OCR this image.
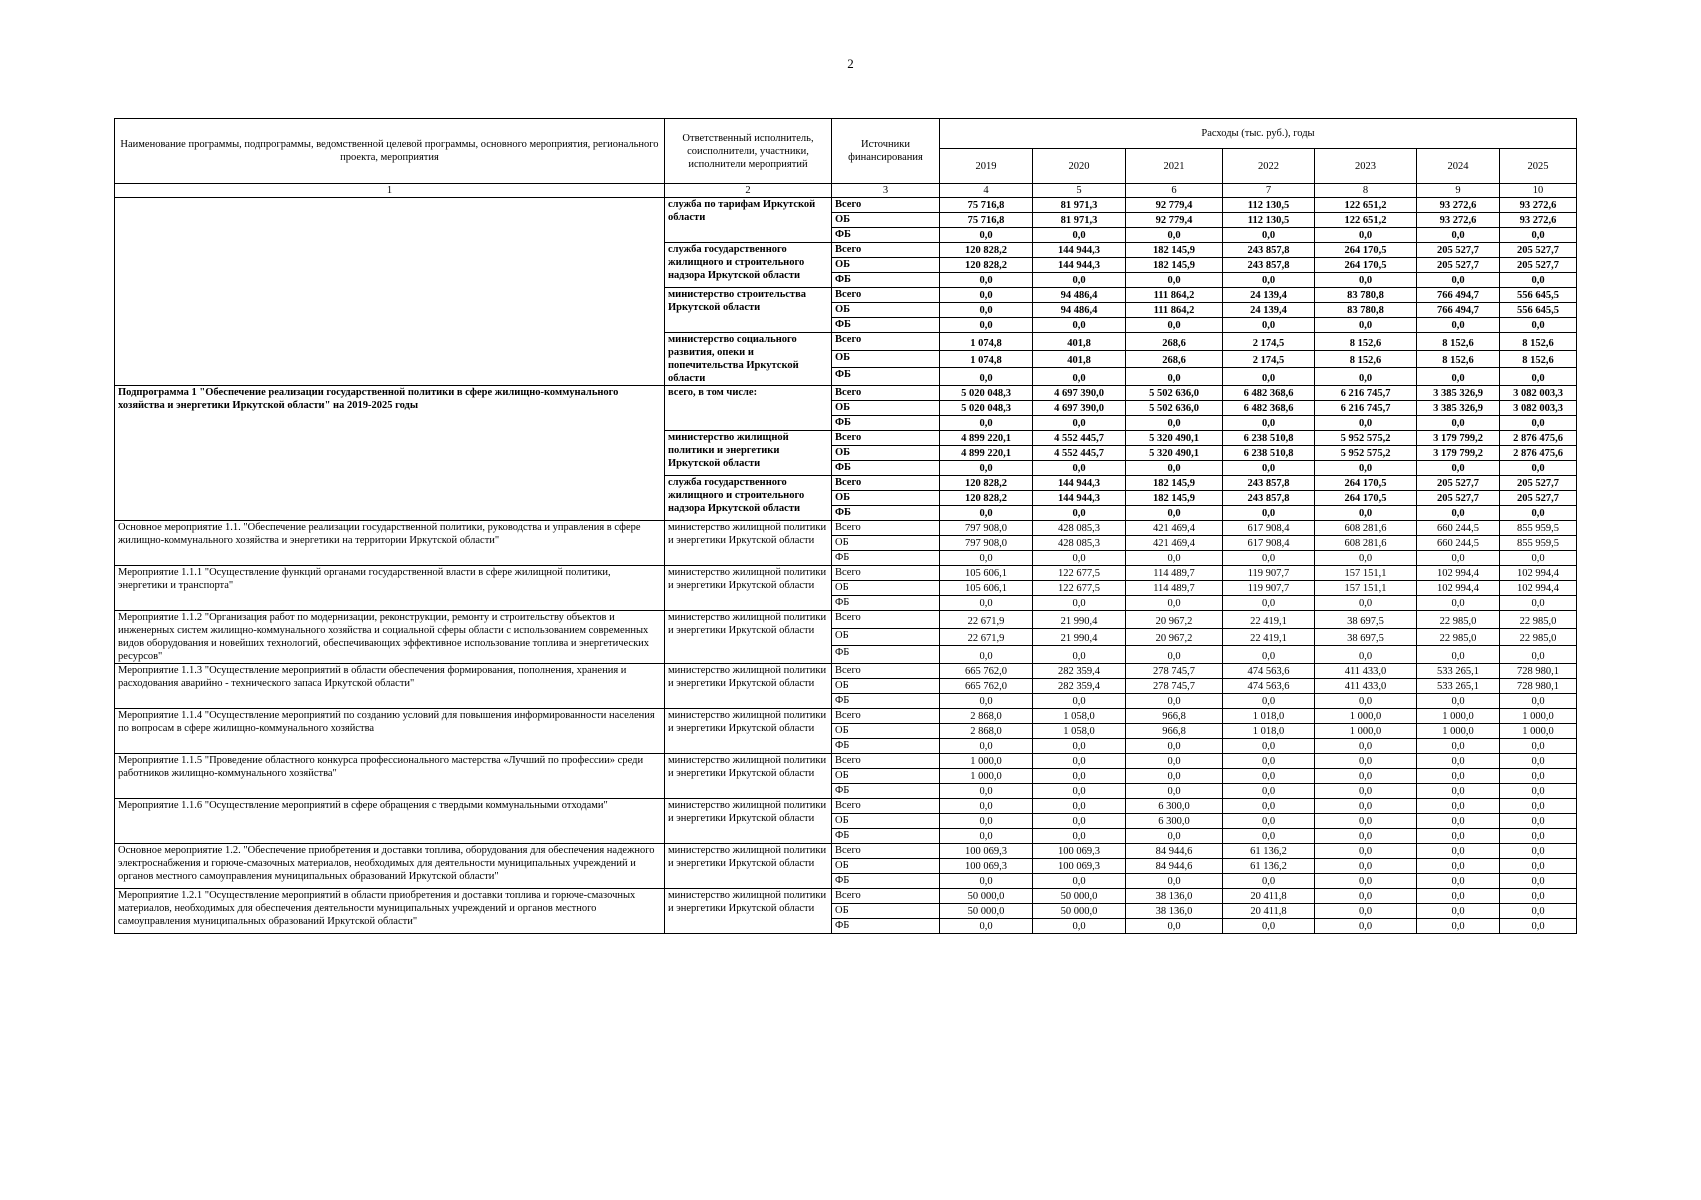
2
Наименование программы, подпрограммы, ведомственной целевой программы, основного мероприятия, регионального проекта, мероприятия	Ответственный исполнитель, соисполнители, участники, исполнители мероприятий	Источники финансирования	Расходы (тыс. руб.), годы						
			2019	2020	2021	2022	2023	2024	2025
1	2	3	4	5	6	7	8	9	10
	служба по тарифам Иркутской области	Всего	75 716,8	81 971,3	92 779,4	112 130,5	122 651,2	93 272,6	93 272,6
		ОБ	75 716,8	81 971,3	92 779,4	112 130,5	122 651,2	93 272,6	93 272,6
		ФБ	0,0	0,0	0,0	0,0	0,0	0,0	0,0
	служба государственного жилищного и строительного надзора Иркутской области	Всего	120 828,2	144 944,3	182 145,9	243 857,8	264 170,5	205 527,7	205 527,7
		ОБ	120 828,2	144 944,3	182 145,9	243 857,8	264 170,5	205 527,7	205 527,7
		ФБ	0,0	0,0	0,0	0,0	0,0	0,0	0,0
	министерство строительства Иркутской области	Всего	0,0	94 486,4	111 864,2	24 139,4	83 780,8	766 494,7	556 645,5
		ОБ	0,0	94 486,4	111 864,2	24 139,4	83 780,8	766 494,7	556 645,5
		ФБ	0,0	0,0	0,0	0,0	0,0	0,0	0,0
	министерство социального развития, опеки и попечительства Иркутской области	Всего	1 074,8	401,8	268,6	2 174,5	8 152,6	8 152,6	8 152,6
		ОБ	1 074,8	401,8	268,6	2 174,5	8 152,6	8 152,6	8 152,6
		ФБ	0,0	0,0	0,0	0,0	0,0	0,0	0,0
Подпрограмма 1 "Обеспечение реализации государственной политики в сфере жилищно-коммунального хозяйства и энергетики Иркутской области" на 2019-2025 годы	всего, в том числе:	Всего	5 020 048,3	4 697 390,0	5 502 636,0	6 482 368,6	6 216 745,7	3 385 326,9	3 082 003,3
		ОБ	5 020 048,3	4 697 390,0	5 502 636,0	6 482 368,6	6 216 745,7	3 385 326,9	3 082 003,3
		ФБ	0,0	0,0	0,0	0,0	0,0	0,0	0,0
	министерство жилищной политики и энергетики Иркутской области	Всего	4 899 220,1	4 552 445,7	5 320 490,1	6 238 510,8	5 952 575,2	3 179 799,2	2 876 475,6
		ОБ	4 899 220,1	4 552 445,7	5 320 490,1	6 238 510,8	5 952 575,2	3 179 799,2	2 876 475,6
		ФБ	0,0	0,0	0,0	0,0	0,0	0,0	0,0
	служба государственного жилищного и строительного надзора Иркутской области	Всего	120 828,2	144 944,3	182 145,9	243 857,8	264 170,5	205 527,7	205 527,7
		ОБ	120 828,2	144 944,3	182 145,9	243 857,8	264 170,5	205 527,7	205 527,7
		ФБ	0,0	0,0	0,0	0,0	0,0	0,0	0,0
Основное мероприятие 1.1. "Обеспечение реализации государственной политики, руководства и управления в сфере жилищно-коммунального хозяйства и энергетики на территории Иркутской области"	министерство жилищной политики и энергетики Иркутской области	Всего	797 908,0	428 085,3	421 469,4	617 908,4	608 281,6	660 244,5	855 959,5
		ОБ	797 908,0	428 085,3	421 469,4	617 908,4	608 281,6	660 244,5	855 959,5
		ФБ	0,0	0,0	0,0	0,0	0,0	0,0	0,0
Мероприятие 1.1.1 "Осуществление функций органами государственной власти в сфере жилищной политики, энергетики и транспорта"	министерство жилищной политики и энергетики Иркутской области	Всего	105 606,1	122 677,5	114 489,7	119 907,7	157 151,1	102 994,4	102 994,4
		ОБ	105 606,1	122 677,5	114 489,7	119 907,7	157 151,1	102 994,4	102 994,4
		ФБ	0,0	0,0	0,0	0,0	0,0	0,0	0,0
Мероприятие 1.1.2 "Организация работ по модернизации, реконструкции, ремонту и строительству объектов и инженерных систем жилищно-коммунального хозяйства и социальной сферы области с использованием современных видов оборудования и новейших технологий, обеспечивающих эффективное использование топлива и энергетических ресурсов"	министерство жилищной политики и энергетики Иркутской области	Всего	22 671,9	21 990,4	20 967,2	22 419,1	38 697,5	22 985,0	22 985,0
		ОБ	22 671,9	21 990,4	20 967,2	22 419,1	38 697,5	22 985,0	22 985,0
		ФБ	0,0	0,0	0,0	0,0	0,0	0,0	0,0
Мероприятие 1.1.3 "Осуществление мероприятий в области обеспечения формирования, пополнения, хранения и расходования аварийно - технического запаса Иркутской области"	министерство жилищной политики и энергетики Иркутской области	Всего	665 762,0	282 359,4	278 745,7	474 563,6	411 433,0	533 265,1	728 980,1
		ОБ	665 762,0	282 359,4	278 745,7	474 563,6	411 433,0	533 265,1	728 980,1
		ФБ	0,0	0,0	0,0	0,0	0,0	0,0	0,0
Мероприятие 1.1.4 "Осуществление мероприятий по созданию условий для повышения информированности населения по вопросам в сфере жилищно-коммунального хозяйства	министерство жилищной политики и энергетики Иркутской области	Всего	2 868,0	1 058,0	966,8	1 018,0	1 000,0	1 000,0	1 000,0
		ОБ	2 868,0	1 058,0	966,8	1 018,0	1 000,0	1 000,0	1 000,0
		ФБ	0,0	0,0	0,0	0,0	0,0	0,0	0,0
Мероприятие 1.1.5 "Проведение областного конкурса профессионального мастерства «Лучший по профессии» среди работников жилищно-коммунального хозяйства"	министерство жилищной политики и энергетики Иркутской области	Всего	1 000,0	0,0	0,0	0,0	0,0	0,0	0,0
		ОБ	1 000,0	0,0	0,0	0,0	0,0	0,0	0,0
		ФБ	0,0	0,0	0,0	0,0	0,0	0,0	0,0
Мероприятие 1.1.6 "Осуществление мероприятий в сфере обращения с твердыми коммунальными отходами"	министерство жилищной политики и энергетики Иркутской области	Всего	0,0	0,0	6 300,0	0,0	0,0	0,0	0,0
		ОБ	0,0	0,0	6 300,0	0,0	0,0	0,0	0,0
		ФБ	0,0	0,0	0,0	0,0	0,0	0,0	0,0
Основное мероприятие 1.2. "Обеспечение приобретения и доставки топлива, оборудования для обеспечения надежного электроснабжения и горюче-смазочных материалов, необходимых для деятельности муниципальных учреждений и органов местного самоуправления муниципальных образований Иркутской области"	министерство жилищной политики и энергетики Иркутской области	Всего	100 069,3	100 069,3	84 944,6	61 136,2	0,0	0,0	0,0
		ОБ	100 069,3	100 069,3	84 944,6	61 136,2	0,0	0,0	0,0
		ФБ	0,0	0,0	0,0	0,0	0,0	0,0	0,0
Мероприятие 1.2.1 "Осуществление мероприятий в области приобретения и доставки топлива и горюче-смазочных материалов, необходимых для обеспечения деятельности муниципальных учреждений и органов местного самоуправления муниципальных образований Иркутской области"	министерство жилищной политики и энергетики Иркутской области	Всего	50 000,0	50 000,0	38 136,0	20 411,8	0,0	0,0	0,0
		ОБ	50 000,0	50 000,0	38 136,0	20 411,8	0,0	0,0	0,0
		ФБ	0,0	0,0	0,0	0,0	0,0	0,0	0,0
